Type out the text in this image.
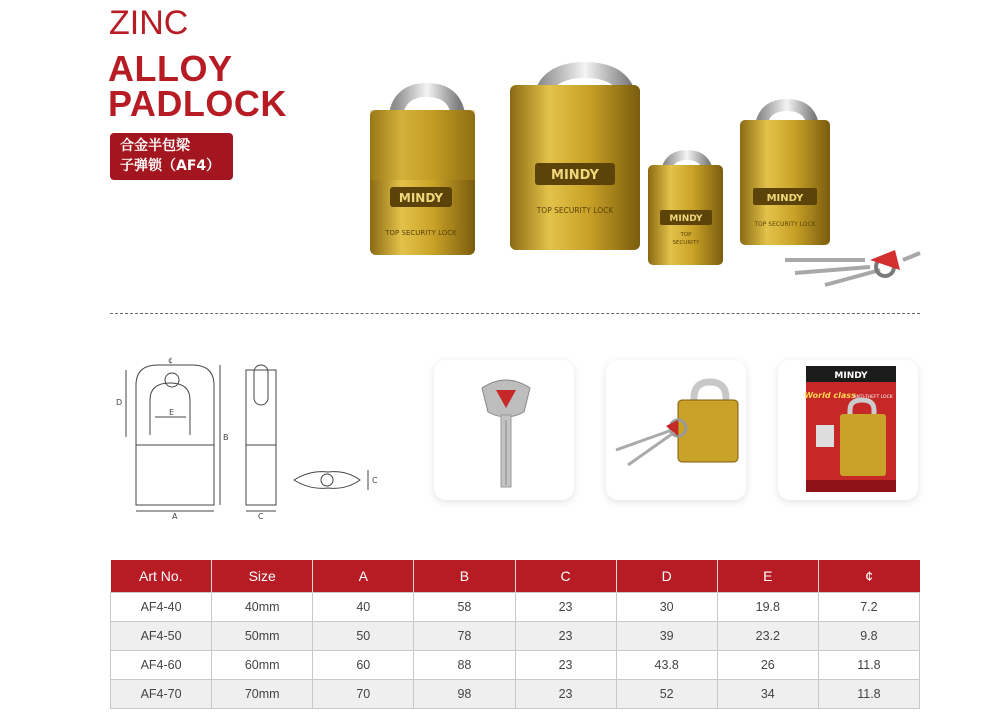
ZINC
ALLOY
PADLOCK
合金半包梁
子弹锁（AF4）
MINDY
TOP SECURITY LOCK
MINDY
TOP SECURITY LOCK
MINDY
TOP
SECURITY
MINDY
TOP SECURITY LOCK
D
B
A
E
¢
C
C
MINDY
World class
ANTI-THEFT LOCK
Art No.	Size	A	B	C	D	E	¢
AF4-40	40mm	40	58	23	30	19.8	7.2
AF4-50	50mm	50	78	23	39	23.2	9.8
AF4-60	60mm	60	88	23	43.8	26	11.8
AF4-70	70mm	70	98	23	52	34	11.8
